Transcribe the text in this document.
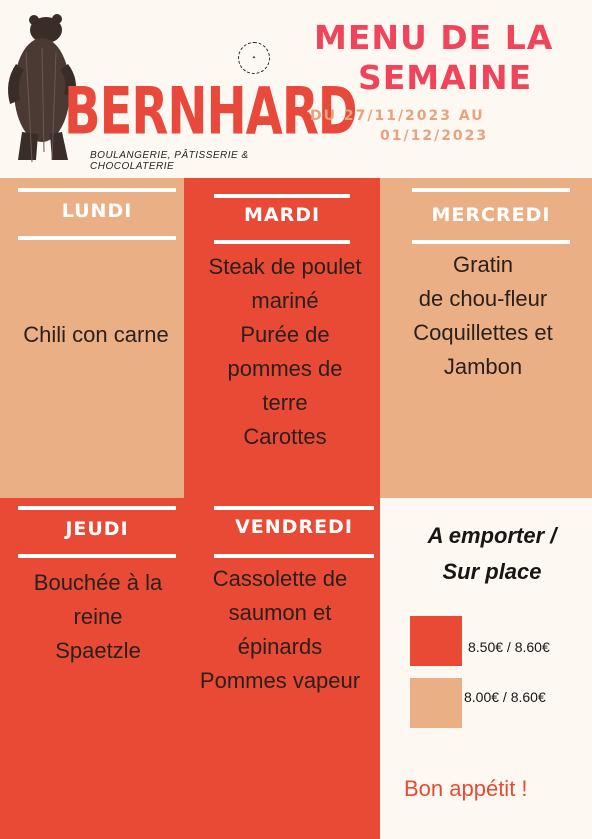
BERNHARD
✦
BOULANGERIE, PÂTISSERIE & CHOCOLATERIE
MENU DE LA
SEMAINE
DU 27/11/2023 AU
01/12/2023
LUNDI
Chili con carne
MARDI
Steak de poulet
mariné
Purée de
pommes de
terre
Carottes
MERCREDI
Gratin
de chou-fleur
Coquillettes et
Jambon
JEUDI
Bouchée à la
reine
Spaetzle
VENDREDI
Cassolette de
saumon et
épinards
Pommes vapeur
A emporter /
Sur place
8.50€ / 8.60€
8.00€ / 8.60€
Bon appétit !
